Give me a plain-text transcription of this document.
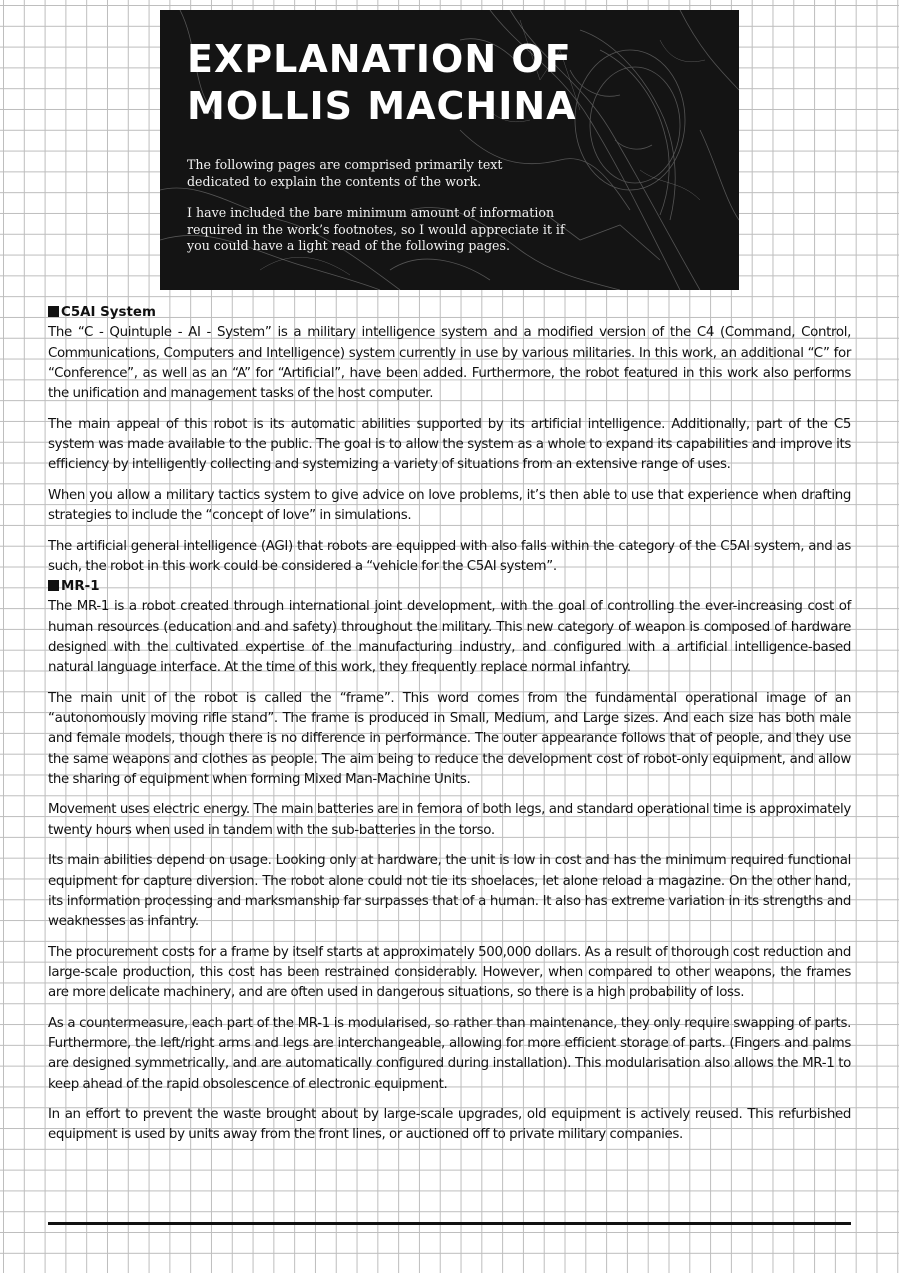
EXPLANATION OF
MOLLIS MACHINA

The following pages are comprised primarily text dedicated to explain the contents of the work.

I have included the bare minimum amount of information required in the work’s footnotes, so I would appreciate it if you could have a light read of the following pages.

C5AI System

The “C - Quintuple - AI - System” is a military intelligence system and a modified version of the C4 (Command, Control, Communications, Computers and Intelligence) system currently in use by various militaries. In this work, an additional “C” for “Conference”, as well as an “A” for “Artificial”, have been added. Furthermore, the robot featured in this work also performs the unification and management tasks of the host computer.

The main appeal of this robot is its automatic abilities supported by its artificial intelligence. Additionally, part of the C5 system was made available to the public. The goal is to allow the system as a whole to expand its capabilities and improve its efficiency by intelligently collecting and systemizing a variety of situations from an extensive range of uses.

When you allow a military tactics system to give advice on love problems, it’s then able to use that experience when drafting strategies to include the “concept of love” in simulations.

The artificial general intelligence (AGI) that robots are equipped with also falls within the category of the C5AI system, and as such, the robot in this work could be considered a “vehicle for the C5AI system”.

MR-1

The MR-1 is a robot created through international joint development, with the goal of controlling the ever-increasing cost of human resources (education and and safety) throughout the military. This new category of weapon is composed of hardware designed with the cultivated expertise of the manufacturing industry, and configured with a artificial intelligence-based natural language interface. At the time of this work, they frequently replace normal infantry.

The main unit of the robot is called the “frame”. This word comes from the fundamental operational image of an “autonomously moving rifle stand”. The frame is produced in Small, Medium, and Large sizes. And each size has both male and female models, though there is no difference in performance. The outer appearance follows that of people, and they use the same weapons and clothes as people. The aim being to reduce the development cost of robot-only equipment, and allow the sharing of equipment when forming Mixed Man-Machine Units.

Movement uses electric energy. The main batteries are in femora of both legs, and standard operational time is approximately twenty hours when used in tandem with the sub-batteries in the torso.

Its main abilities depend on usage. Looking only at hardware, the unit is low in cost and has the minimum required functional equipment for capture diversion. The robot alone could not tie its shoelaces, let alone reload a magazine. On the other hand, its information processing and marksmanship far surpasses that of a human. It also has extreme variation in its strengths and weaknesses as infantry.

The procurement costs for a frame by itself starts at approximately 500,000 dollars. As a result of thorough cost reduction and large-scale production, this cost has been restrained considerably. However, when compared to other weapons, the frames are more delicate machinery, and are often used in dangerous situations, so there is a high probability of loss.

As a countermeasure, each part of the MR-1 is modularised, so rather than maintenance, they only require swapping of parts. Furthermore, the left/right arms and legs are interchangeable, allowing for more efficient storage of parts. (Fingers and palms are designed symmetrically, and are automatically configured during installation). This modularisation also allows the MR-1 to keep ahead of the rapid obsolescence of electronic equipment.

In an effort to prevent the waste brought about by large-scale upgrades, old equipment is actively reused. This refurbished equipment is used by units away from the front lines, or auctioned off to private military companies.
